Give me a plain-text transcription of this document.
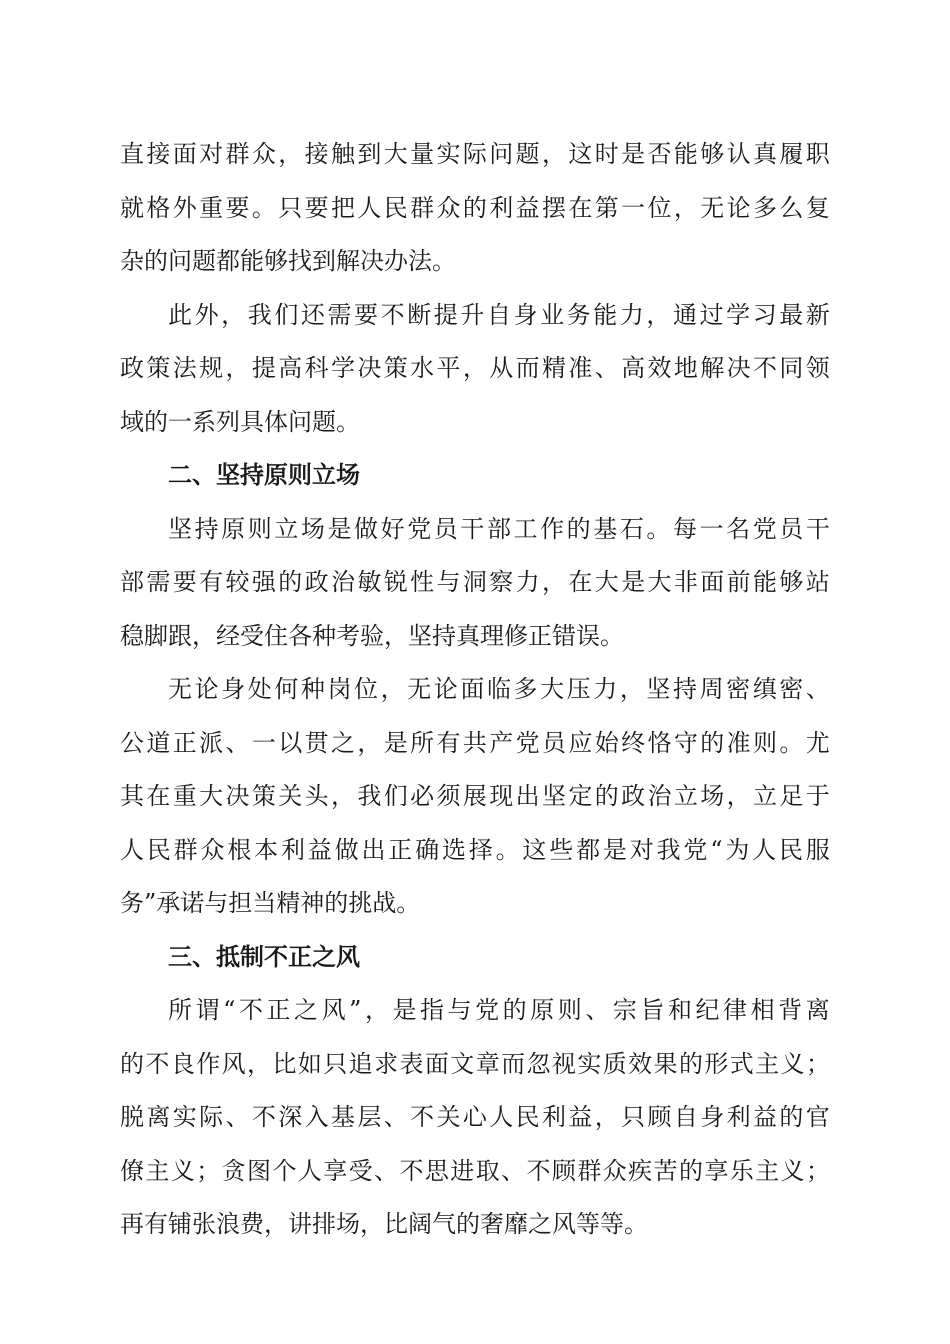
直 接 面 对 群 众 ， 接 触 到 大 量 实 际 问 题 ， 这 时 是 否 能 够 认 真 履 职
就 格 外 重 要 。 只 要 把 人 民 群 众 的 利 益 摆 在 第 一 位 ， 无 论 多 么 复
杂的问题都能够找到解决办法。
此 外 ， 我 们 还 需 要 不 断 提 升 自 身 业 务 能 力 ， 通 过 学 习 最 新
政 策 法 规 ， 提 高 科 学 决 策 水 平 ， 从 而 精 准 、 高 效 地 解 决 不 同 领
域的一系列具体问题。
二、坚持原则立场
坚 持 原 则 立 场 是 做 好 党 员 干 部 工 作 的 基 石 。 每 一 名 党 员 干
部 需 要 有 较 强 的 政 治 敏 锐 性 与 洞 察 力 ， 在 大 是 大 非 面 前 能 够 站
稳脚跟，经受住各种考验，坚持真理修正错误。
无 论 身 处 何 种 岗 位 ， 无 论 面 临 多 大 压 力 ， 坚 持 周 密 缜 密 、
公 道 正 派 、 一 以 贯 之 ， 是 所 有 共 产 党 员 应 始 终 恪 守 的 准 则 。 尤
其 在 重 大 决 策 关 头 ， 我 们 必 须 展 现 出 坚 定 的 政 治 立 场 ， 立 足 于
人 民 群 众 根 本 利 益 做 出 正 确 选 择 。 这 些 都 是 对 我 党 “ 为 人 民 服
务”承诺与担当精神的挑战。
三、抵制不正之风
所 谓 “ 不 正 之 风 ” ， 是 指 与 党 的 原 则 、 宗 旨 和 纪 律 相 背 离
的 不 良 作 风 ， 比 如 只 追 求 表 面 文 章 而 忽 视 实 质 效 果 的 形 式 主 义 ；
脱 离 实 际 、 不 深 入 基 层 、 不 关 心 人 民 利 益 ， 只 顾 自 身 利 益 的 官
僚 主 义 ； 贪 图 个 人 享 受 、 不 思 进 取 、 不 顾 群 众 疾 苦 的 享 乐 主 义 ；
再有铺张浪费，讲排场，比阔气的奢靡之风等等。
